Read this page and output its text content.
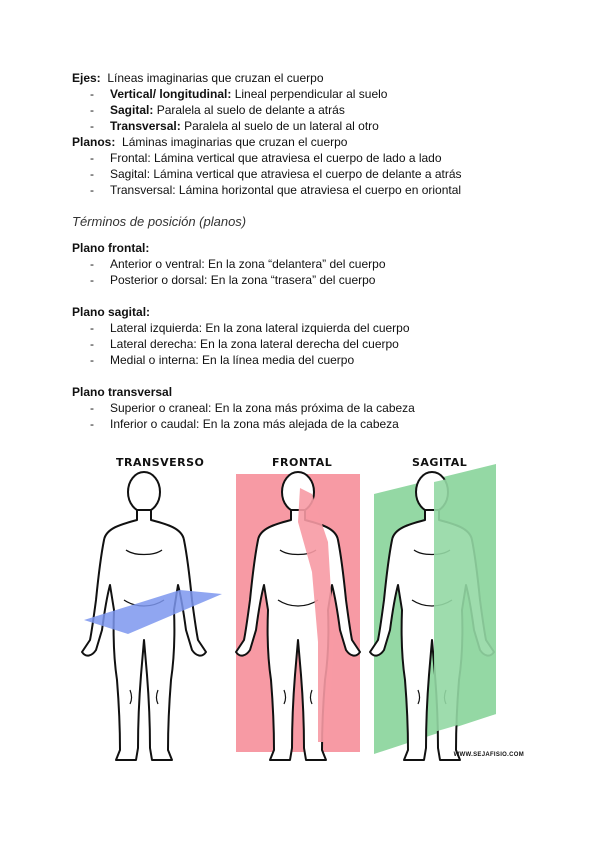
Ejes: Líneas imaginarias que cruzan el cuerpo
-	Vertical/ longitudinal:
Lineal perpendicular al suelo
-	Sagital:
Paralela al suelo de delante a atrás
-	Transversal:
Paralela al suelo de un lateral al otro
Planos: Láminas imaginarias que cruzan el cuerpo
-	Frontal: Lámina vertical que atraviesa el cuerpo de lado a lado
-	Sagital: Lámina vertical que atraviesa el cuerpo de delante a atrás
-	Transversal: Lámina horizontal que atraviesa el cuerpo en oriontal
Términos de posición (planos)
Plano frontal:
-	Anterior o ventral: En la zona “delantera” del cuerpo
-	Posterior o dorsal: En la zona “trasera” del cuerpo
Plano sagital:
-	Lateral izquierda: En la zona lateral izquierda del cuerpo
-	Lateral derecha: En la zona lateral derecha del cuerpo
-	Medial o interna: En la línea media del cuerpo
Plano transversal
-	Superior o craneal: En la zona más próxima de la cabeza
-	Inferior o caudal: En la zona más alejada de la cabeza
TRANSVERSO	FRONTAL	SAGITAL
WWW.SEJAFISIO.COM
